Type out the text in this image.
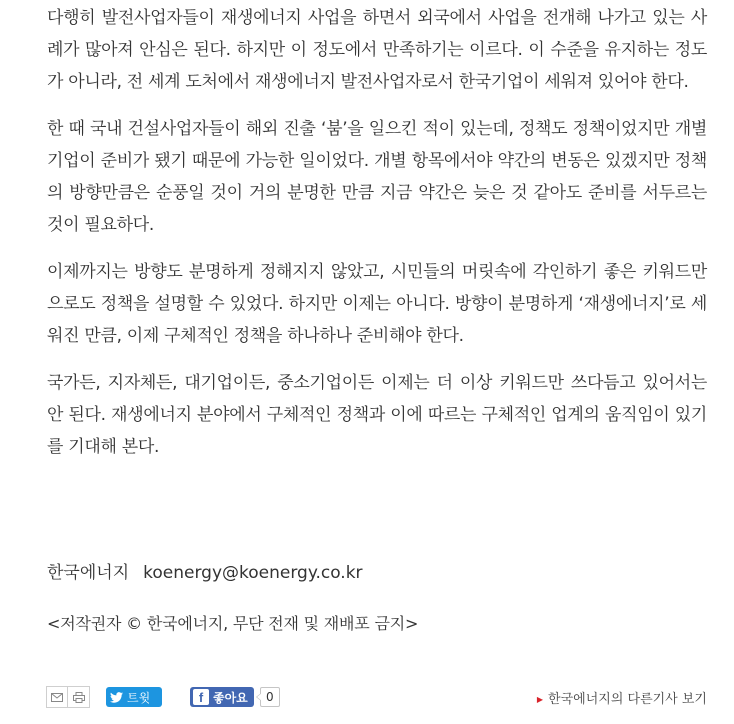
다행히 발전사업자들이 재생에너지 사업을 하면서 외국에서 사업을 전개해 나가고 있는 사례가 많아져 안심은 된다. 하지만 이 정도에서 만족하기는 이르다. 이 수준을 유지하는 정도가 아니라, 전 세계 도처에서 재생에너지 발전사업자로서 한국기업이 세워져 있어야 한다.

한 때 국내 건설사업자들이 해외 진출 ‘붐’을 일으킨 적이 있는데, 정책도 정책이었지만 개별기업이 준비가 됐기 때문에 가능한 일이었다. 개별 항목에서야 약간의 변동은 있겠지만 정책의 방향만큼은 순풍일 것이 거의 분명한 만큼 지금 약간은 늦은 것 같아도 준비를 서두르는 것이 필요하다.

이제까지는 방향도 분명하게 정해지지 않았고, 시민들의 머릿속에 각인하기 좋은 키워드만으로도 정책을 설명할 수 있었다. 하지만 이제는 아니다. 방향이 분명하게 ‘재생에너지’로 세워진 만큼, 이제 구체적인 정책을 하나하나 준비해야 한다.

국가든, 지자체든, 대기업이든, 중소기업이든 이제는 더 이상 키워드만 쓰다듬고 있어서는 안 된다. 재생에너지 분야에서 구체적인 정책과 이에 따르는 구체적인 업계의 움직임이 있기를 기대해 본다.

한국에너지 koenergy@koenergy.co.kr
<저작권자 © 한국에너지, 무단 전재 및 재배포 금지>
트윗	f 좋아요	0	▶ 한국에너지의 다른기사 보기
